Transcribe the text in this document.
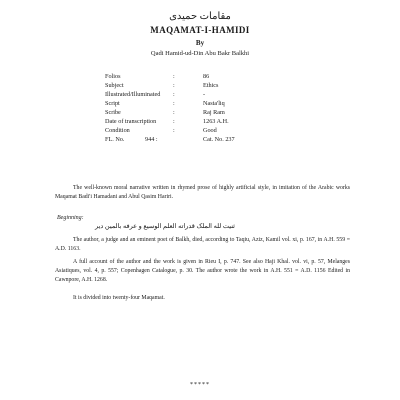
مقامات حمیدی
MAQAMAT-I-HAMIDI
By
Qadi Hamid-ud-Din Abu Bakr Balkhi
Folios	:	86
Subject	:	Ethics
Illustrated/Illuminated :	-
Script	:	Nasta'liq
Scribe	:	Raj Ram
Date of transcription	:	1263 A.H.
Condition	:	Good
FL. No.	944 :	Cat. No. 237
The well-known moral narrative written in rhymed prose of highly artificial style, in imitation of the Arabic works Maqamat Badi'i Hamadani and Abul Qasim Hariri.
Beginning:
ثنیت لله الملک قدراته العلم الوسیع و عرفه بالمین دیر
The author, a judge and an eminent poet of Balkh, died, according to Taqiu, Aziz, Kamil vol. xi, p. 167, in A.H. 559 = A.D. 1163.
A full account of the author and the work is given in Rieu I, p. 747. See also Haji Khal. vol. vi, p. 57, Melanges Asiatiques, vol. 4, p. 557; Copenhagen Catalogue, p. 30. The author wrote the work in A.H. 551 = A.D. 1156 Edited in Cawnpore, A.H. 1268.
It is divided into twenty-four Maqamat.
*****
